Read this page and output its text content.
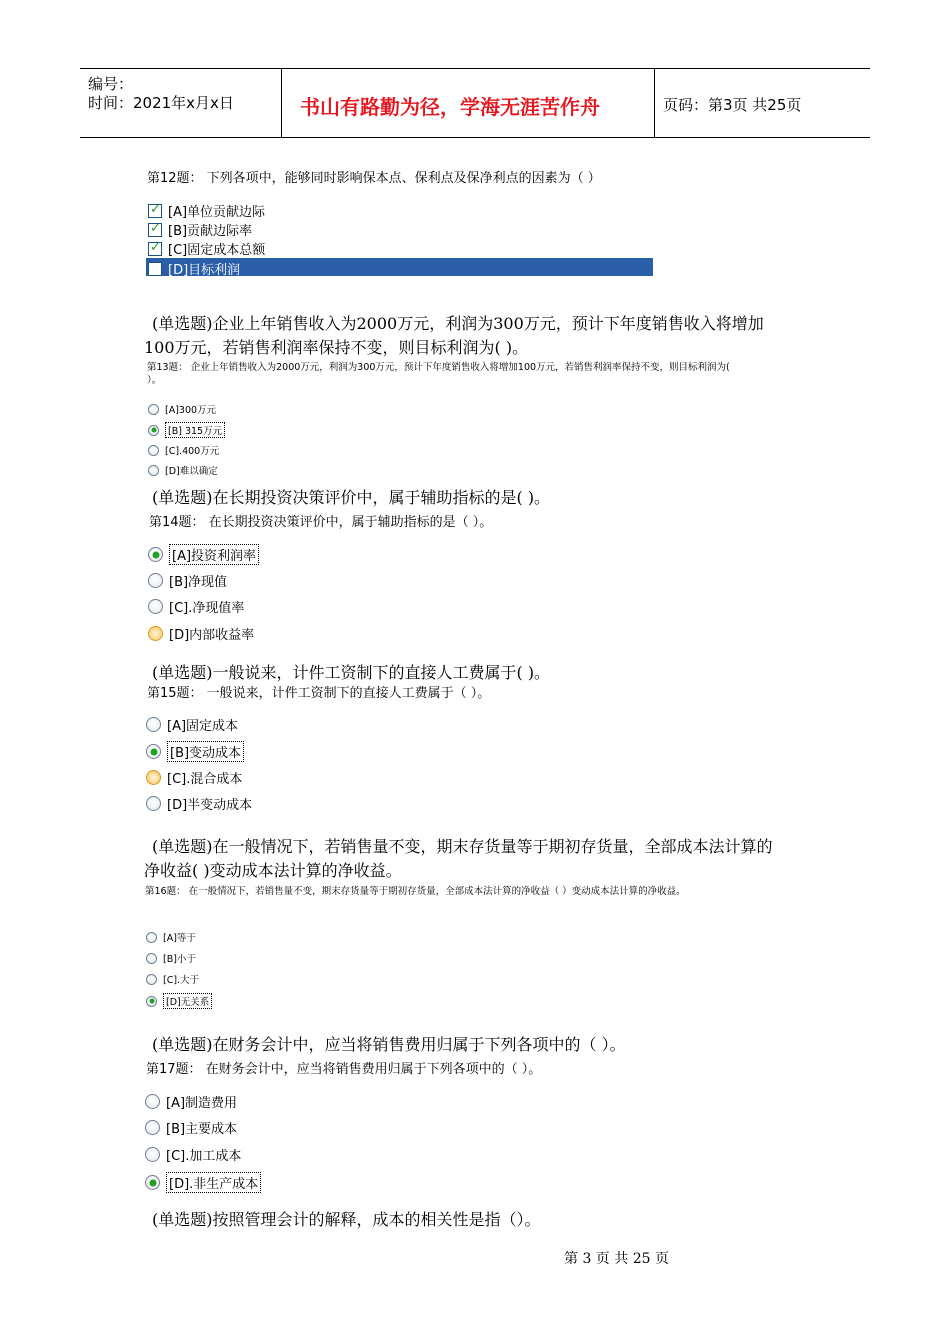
编号：
时间：2021年x月x日	书山有路勤为径，学海无涯苦作舟	页码：第3页 共25页
第12题： 下列各项中，能够同时影响保本点、保利点及保净利点的因素为（ ）
✓
[A]单位贡献边际
✓
[B]贡献边际率
✓
[C]固定成本总额
[D]目标利润
(单选题)企业上年销售收入为2000万元，利润为300万元，预计下年度销售收入将增加
100万元，若销售利润率保持不变，则目标利润为( )。
第13题： 企业上年销售收入为2000万元，利润为300万元，预计下年度销售收入将增加100万元，若销售利润率保持不变，则目标利润为(
）。
[A]300万元
[B] 315万元
[C].400万元
[D]难以确定
(单选题)在长期投资决策评价中，属于辅助指标的是( )。
第14题： 在长期投资决策评价中，属于辅助指标的是（ ）。
[A]投资利润率
[B]净现值
[C].净现值率
[D]内部收益率
(单选题)一般说来，计件工资制下的直接人工费属于( )。
第15题： 一般说来，计件工资制下的直接人工费属于（ ）。
[A]固定成本
[B]变动成本
[C].混合成本
[D]半变动成本
(单选题)在一般情况下，若销售量不变，期末存货量等于期初存货量，全部成本法计算的
净收益( )变动成本法计算的净收益。
第16题： 在一般情况下，若销售量不变，期末存货量等于期初存货量，全部成本法计算的净收益（ ）变动成本法计算的净收益。
[A]等于
[B]小于
[C].大于
[D]无关系
(单选题)在财务会计中，应当将销售费用归属于下列各项中的（ ）。
第17题： 在财务会计中，应当将销售费用归属于下列各项中的（ ）。
[A]制造费用
[B]主要成本
[C].加工成本
[D].非生产成本
(单选题)按照管理会计的解释，成本的相关性是指（）。
第 3 页 共 25 页
